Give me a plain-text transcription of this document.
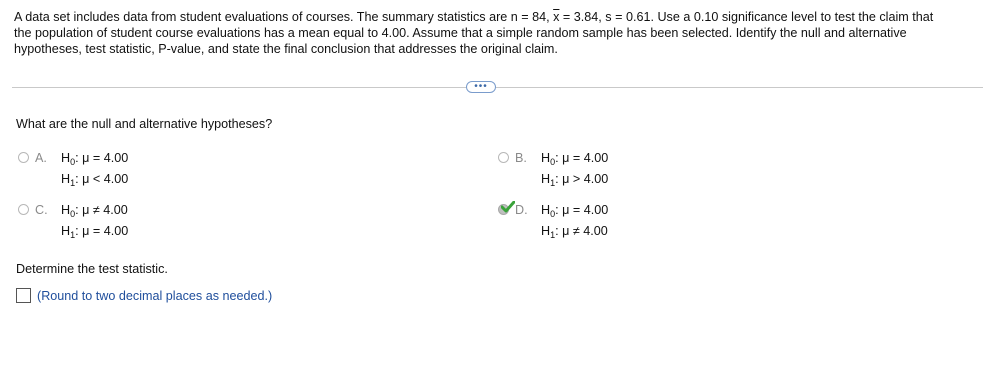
A data set includes data from student evaluations of courses. The summary statistics are n = 84, $\overline{x} = 3.84$, s = 0.61. Use a 0.10 significance level to test the claim that
the population of student course evaluations has a mean equal to 4.00. Assume that a simple random sample has been selected. Identify the null and alternative
hypotheses, test statistic, P-value, and state the final conclusion that addresses the original claim.
•••
What are the null and alternative hypotheses?
A. $H_0$: μ = 4.00
$H_1$: μ < 4.00
B. $H_0$: μ = 4.00
$H_1$: μ > 4.00
C. $H_0$: μ ≠ 4.00
$H_1$: μ = 4.00
D. $H_0$: μ = 4.00
$H_1$: μ ≠ 4.00
Determine the test statistic.
(Round to two decimal places as needed.)
